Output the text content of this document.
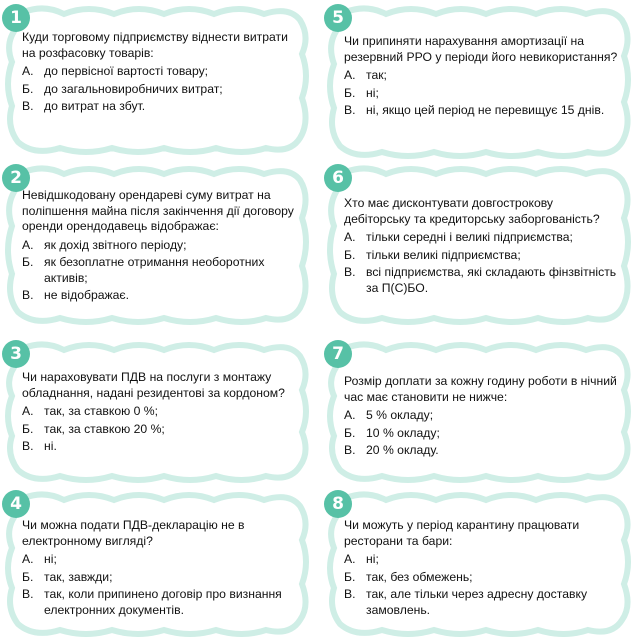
1
Куди торговому підприємству віднести витрати на розфасовку товарів:
А. до первісної вартості товару;
Б. до загальновиробничих витрат;
В. до витрат на збут.
2
Невідшкодовану орендареві суму витрат на поліпшення майна після закінчення дії договору оренди орендодавець відображає:
А. як дохід звітного періоду;
Б. як безоплатне отримання необоротних активів;
В. не відображає.
3
Чи нараховувати ПДВ на послуги з монтажу обладнання, надані резидентові за кордоном?
А. так, за ставкою 0 %;
Б. так, за ставкою 20 %;
В. ні.
4
Чи можна подати ПДВ-декларацію не в електронному вигляді?
А. ні;
Б. так, завжди;
В. так, коли припинено договір про визнання електронних документів.
5
Чи припиняти нарахування амортизації на резервний РРО у періоди його невикористання?
А. так;
Б. ні;
В. ні, якщо цей період не перевищує 15 днів.
6
Хто має дисконтувати довгострокову дебіторську та кредиторську заборгованість?
А. тільки середні і великі підприємства;
Б. тільки великі підприємства;
В. всі підприємства, які складають фінзвітність за П(С)БО.
7
Розмір доплати за кожну годину роботи в нічний час має становити не нижче:
А. 5 % окладу;
Б. 10 % окладу;
В. 20 % окладу.
8
Чи можуть у період карантину працювати ресторани та бари:
А. ні;
Б. так, без обмежень;
В. так, але тільки через адресну доставку замовлень.
